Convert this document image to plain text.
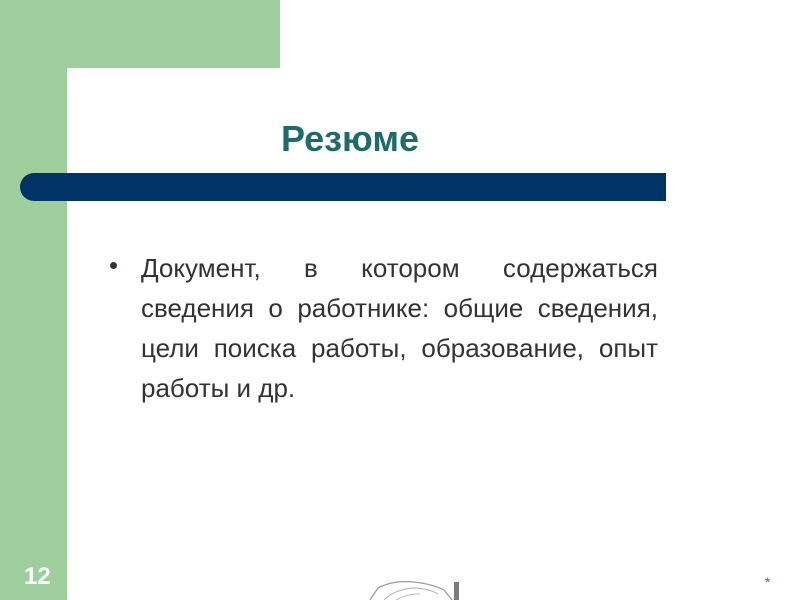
Резюме
Документ, в котором содержаться сведения о работнике: общие сведения, цели поиска работы, образование, опыт работы и др.
12	*
